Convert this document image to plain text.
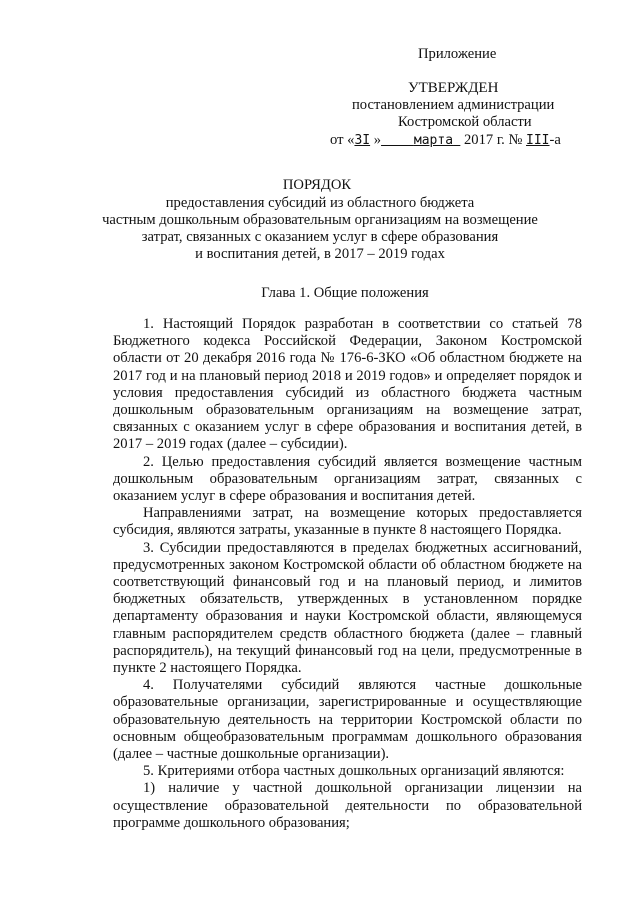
Приложение
УТВЕРЖДЕН
постановлением администрации
Костромской области
от «3I »	марта   2017 г. № III-а
ПОРЯДОК
предоставления субсидий из областного бюджета
частным дошкольным образовательным организациям на возмещение
затрат, связанных с оказанием услуг в сфере образования
и воспитания детей, в 2017 – 2019 годах
Глава 1. Общие положения

1. Настоящий Порядок разработан в соответствии со статьей 78 Бюджетного кодекса Российской Федерации, Законом Костромской области от 20 декабря 2016 года № 176-6-ЗКО «Об областном бюджете на 2017 год и на плановый период 2018 и 2019 годов» и определяет порядок и условия предоставления субсидий из областного бюджета частным дошкольным образовательным организациям на возмещение затрат, связанных с оказанием услуг в сфере образования и воспитания детей, в 2017 – 2019 годах (далее – субсидии).

2. Целью предоставления субсидий является возмещение частным дошкольным образовательным организациям затрат, связанных с оказанием услуг в сфере образования и воспитания детей.

Направлениями затрат, на возмещение которых предоставляется субсидия, являются затраты, указанные в пункте 8 настоящего Порядка.

3. Субсидии предоставляются в пределах бюджетных ассигнований, предусмотренных законом Костромской области об областном бюджете на соответствующий финансовый год и на плановый период, и лимитов бюджетных обязательств, утвержденных в установленном порядке департаменту образования и науки Костромской области, являющемуся главным распорядителем средств областного бюджета (далее – главный распорядитель), на текущий финансовый год на цели, предусмотренные в пункте 2 настоящего Порядка.

4. Получателями субсидий являются частные дошкольные образовательные организации, зарегистрированные и осуществляющие образовательную деятельность на территории Костромской области по основным общеобразовательным программам дошкольного образования (далее – частные дошкольные организации).

5. Критериями отбора частных дошкольных организаций являются:

1) наличие у частной дошкольной организации лицензии на осуществление образовательной деятельности по образовательной программе дошкольного образования;
